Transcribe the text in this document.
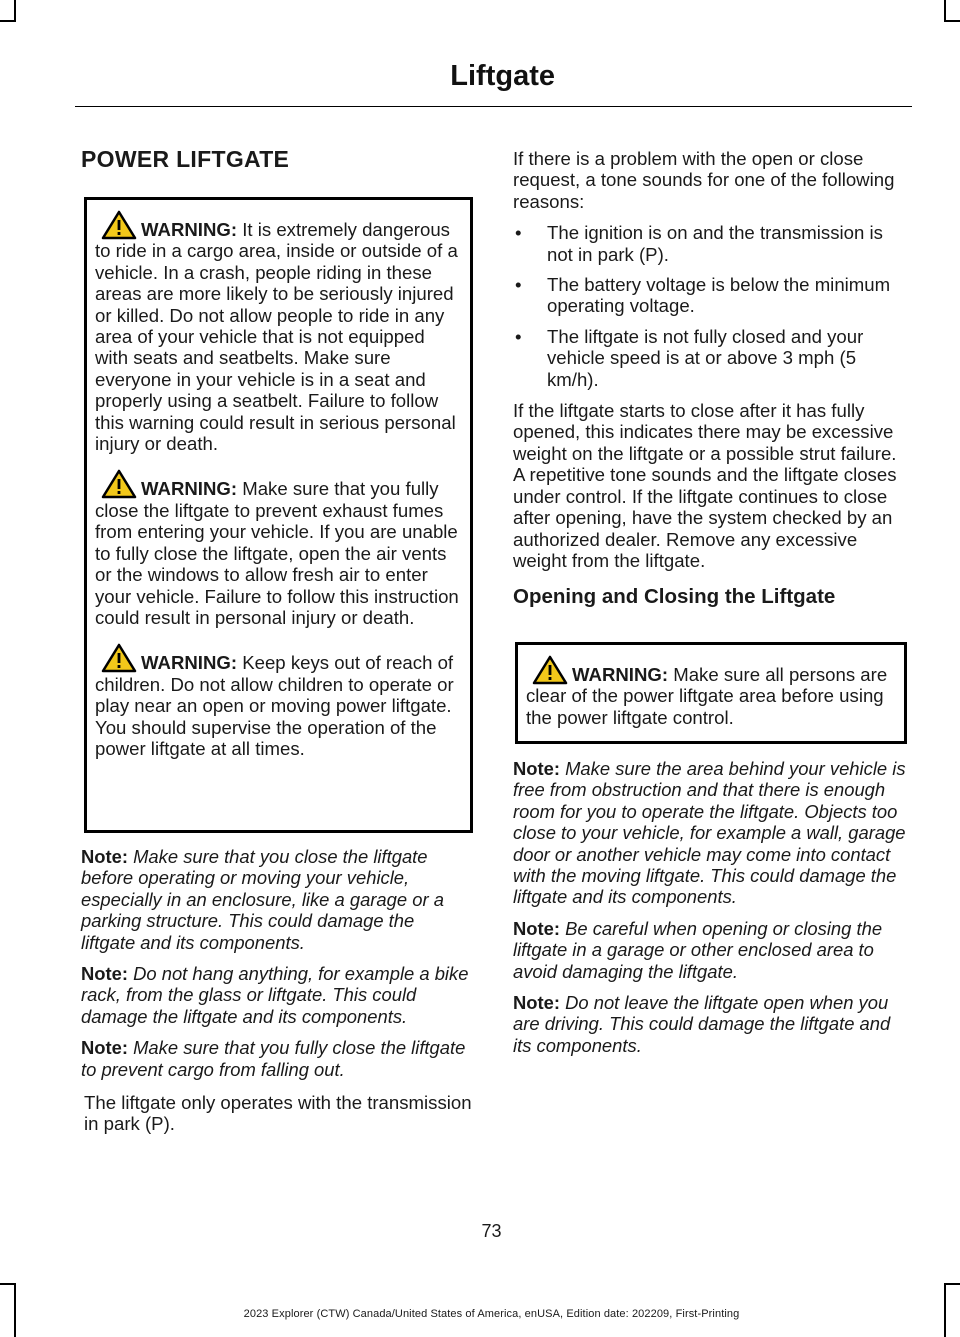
Liftgate
POWER LIFTGATE

WARNING: It is extremely dangerous to ride in a cargo area, inside or outside of a vehicle. In a crash, people riding in these areas are more likely to be seriously injured or killed. Do not allow people to ride in any area of your vehicle that is not equipped with seats and seatbelts. Make sure everyone in your vehicle is in a seat and properly using a seatbelt. Failure to follow this warning could result in serious personal injury or death.

WARNING: Make sure that you fully close the liftgate to prevent exhaust fumes from entering your vehicle. If you are unable to fully close the liftgate, open the air vents or the windows to allow fresh air to enter your vehicle. Failure to follow this instruction could result in personal injury or death.

WARNING: Keep keys out of reach of children. Do not allow children to operate or play near an open or moving power liftgate. You should supervise the operation of the power liftgate at all times.

Note: Make sure that you close the liftgate before operating or moving your vehicle, especially in an enclosure, like a garage or a parking structure. This could damage the liftgate and its components.

Note: Do not hang anything, for example a bike rack, from the glass or liftgate. This could damage the liftgate and its components.

Note: Make sure that you fully close the liftgate to prevent cargo from falling out.

The liftgate only operates with the transmission in park (P).

If there is a problem with the open or close request, a tone sounds for one of the following reasons:

• The ignition is on and the transmission is not in park (P).
• The battery voltage is below the minimum operating voltage.
• The liftgate is not fully closed and your vehicle speed is at or above 3 mph (5 km/h).

If the liftgate starts to close after it has fully opened, this indicates there may be excessive weight on the liftgate or a possible strut failure. A repetitive tone sounds and the liftgate closes under control. If the liftgate continues to close after opening, have the system checked by an authorized dealer. Remove any excessive weight from the liftgate.

Opening and Closing the Liftgate

WARNING: Make sure all persons are clear of the power liftgate area before using the power liftgate control.

Note: Make sure the area behind your vehicle is free from obstruction and that there is enough room for you to operate the liftgate. Objects too close to your vehicle, for example a wall, garage door or another vehicle may come into contact with the moving liftgate. This could damage the liftgate and its components.

Note: Be careful when opening or closing the liftgate in a garage or other enclosed area to avoid damaging the liftgate.

Note: Do not leave the liftgate open when you are driving. This could damage the liftgate and its components.

73
2023 Explorer (CTW) Canada/United States of America, enUSA, Edition date: 202209, First-Printing
